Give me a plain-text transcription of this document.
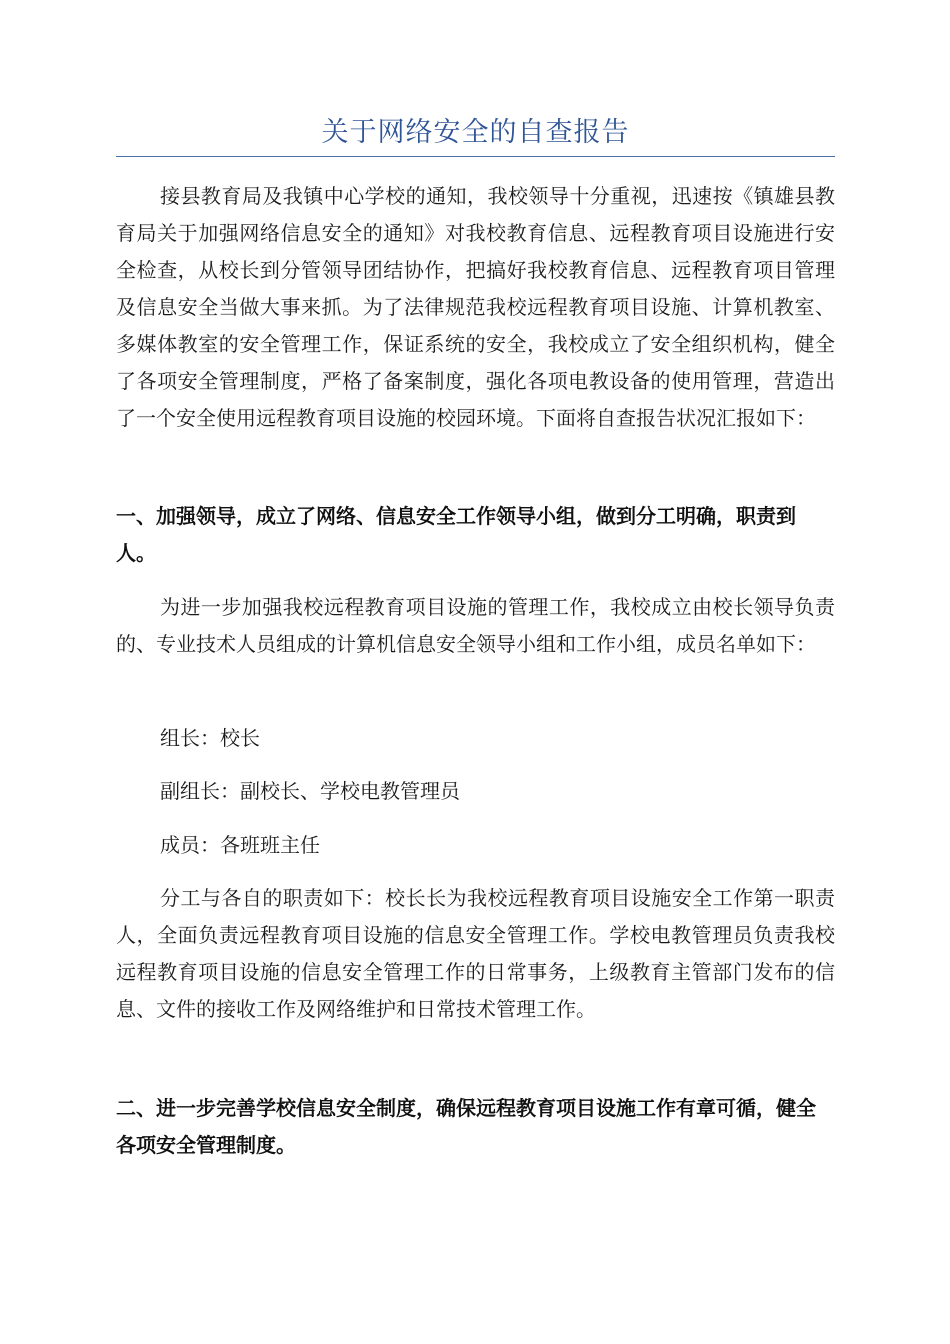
关于网络安全的自查报告

接县教育局及我镇中心学校的通知，我校领导十分重视，迅速按《镇雄县教育局关于加强网络信息安全的通知》对我校教育信息、远程教育项目设施进行安全检查，从校长到分管领导团结协作，把搞好我校教育信息、远程教育项目管理及信息安全当做大事来抓。为了法律规范我校远程教育项目设施、计算机教室、多媒体教室的安全管理工作，保证系统的安全，我校成立了安全组织机构，健全了各项安全管理制度，严格了备案制度，强化各项电教设备的使用管理，营造出了一个安全使用远程教育项目设施的校园环境。下面将自查报告状况汇报如下：

一、加强领导，成立了网络、信息安全工作领导小组，做到分工明确，职责到人。

为进一步加强我校远程教育项目设施的管理工作，我校成立由校长领导负责的、专业技术人员组成的计算机信息安全领导小组和工作小组，成员名单如下：

组长：校长

副组长：副校长、学校电教管理员

成员：各班班主任

分工与各自的职责如下：校长长为我校远程教育项目设施安全工作第一职责人，全面负责远程教育项目设施的信息安全管理工作。学校电教管理员负责我校远程教育项目设施的信息安全管理工作的日常事务，上级教育主管部门发布的信息、文件的接收工作及网络维护和日常技术管理工作。

二、进一步完善学校信息安全制度，确保远程教育项目设施工作有章可循，健全各项安全管理制度。
